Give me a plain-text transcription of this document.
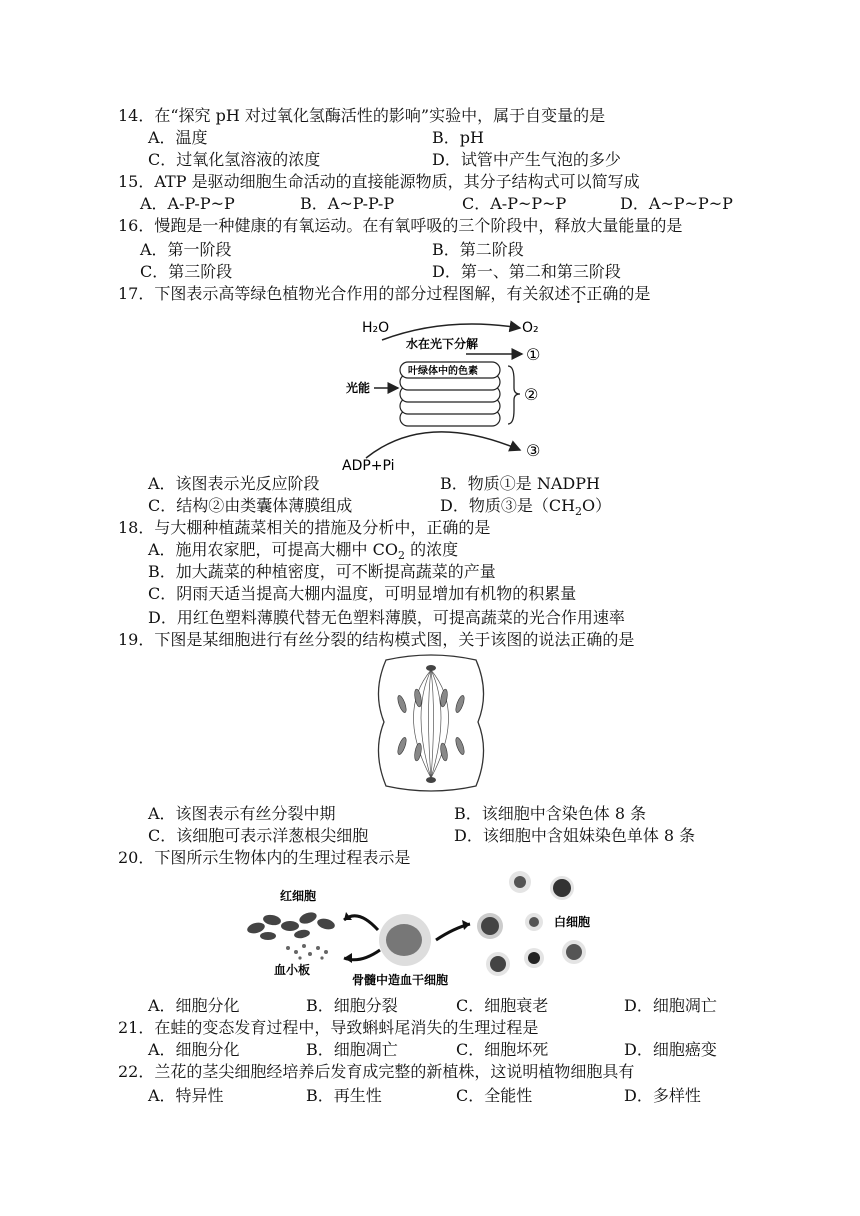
14．在“探究 pH 对过氧化氢酶活性的影响”实验中，属于自变量的是
A．温度	B．pH
C．过氧化氢溶液的浓度	D．试管中产生气泡的多少
15．ATP 是驱动细胞生命活动的直接能源物质，其分子结构式可以简写成
A．A-P-P~P	B．A~P-P-P	C．A-P~P~P	D．A~P~P~P
16．慢跑是一种健康的有氧运动。在有氧呼吸的三个阶段中，释放大量能量的是
A．第一阶段	B．第二阶段
C．第三阶段	D．第一、第二和第三阶段
17．下图表示高等绿色植物光合作用的部分过程图解，有关叙述不正确的是
H₂O	O₂
水在光下分解
①
叶绿体中的色素
光能	②
③
ADP+Pi
A．该图表示光反应阶段	B．物质①是 NADPH
C．结构②由类囊体薄膜组成	D．物质③是$(CH_2O)$
18．与大棚种植蔬菜相关的措施及分析中，正确的是
A．施用农家肥，可提高大棚中 $CO_2$ 的浓度
B．加大蔬菜的种植密度，可不断提高蔬菜的产量
C．阴雨天适当提高大棚内温度，可明显增加有机物的积累量
D．用红色塑料薄膜代替无色塑料薄膜，可提高蔬菜的光合作用速率
19．下图是某细胞进行有丝分裂的结构模式图，关于该图的说法正确的是
A．该图表示有丝分裂中期	B．该细胞中含染色体 8 条
C．该细胞可表示洋葱根尖细胞	D．该细胞中含姐妹染色单体 8 条
20．下图所示生物体内的生理过程表示是
红细胞
血小板
骨髓中造血干细胞
白细胞
A．细胞分化	B．细胞分裂	C．细胞衰老	D．细胞凋亡
21．在蛙的变态发育过程中，导致蝌蚪尾消失的生理过程是
A．细胞分化	B．细胞凋亡	C．细胞坏死	D．细胞癌变
22．兰花的茎尖细胞经培养后发育成完整的新植株，这说明植物细胞具有
A．特异性	B．再生性	C．全能性	D．多样性
